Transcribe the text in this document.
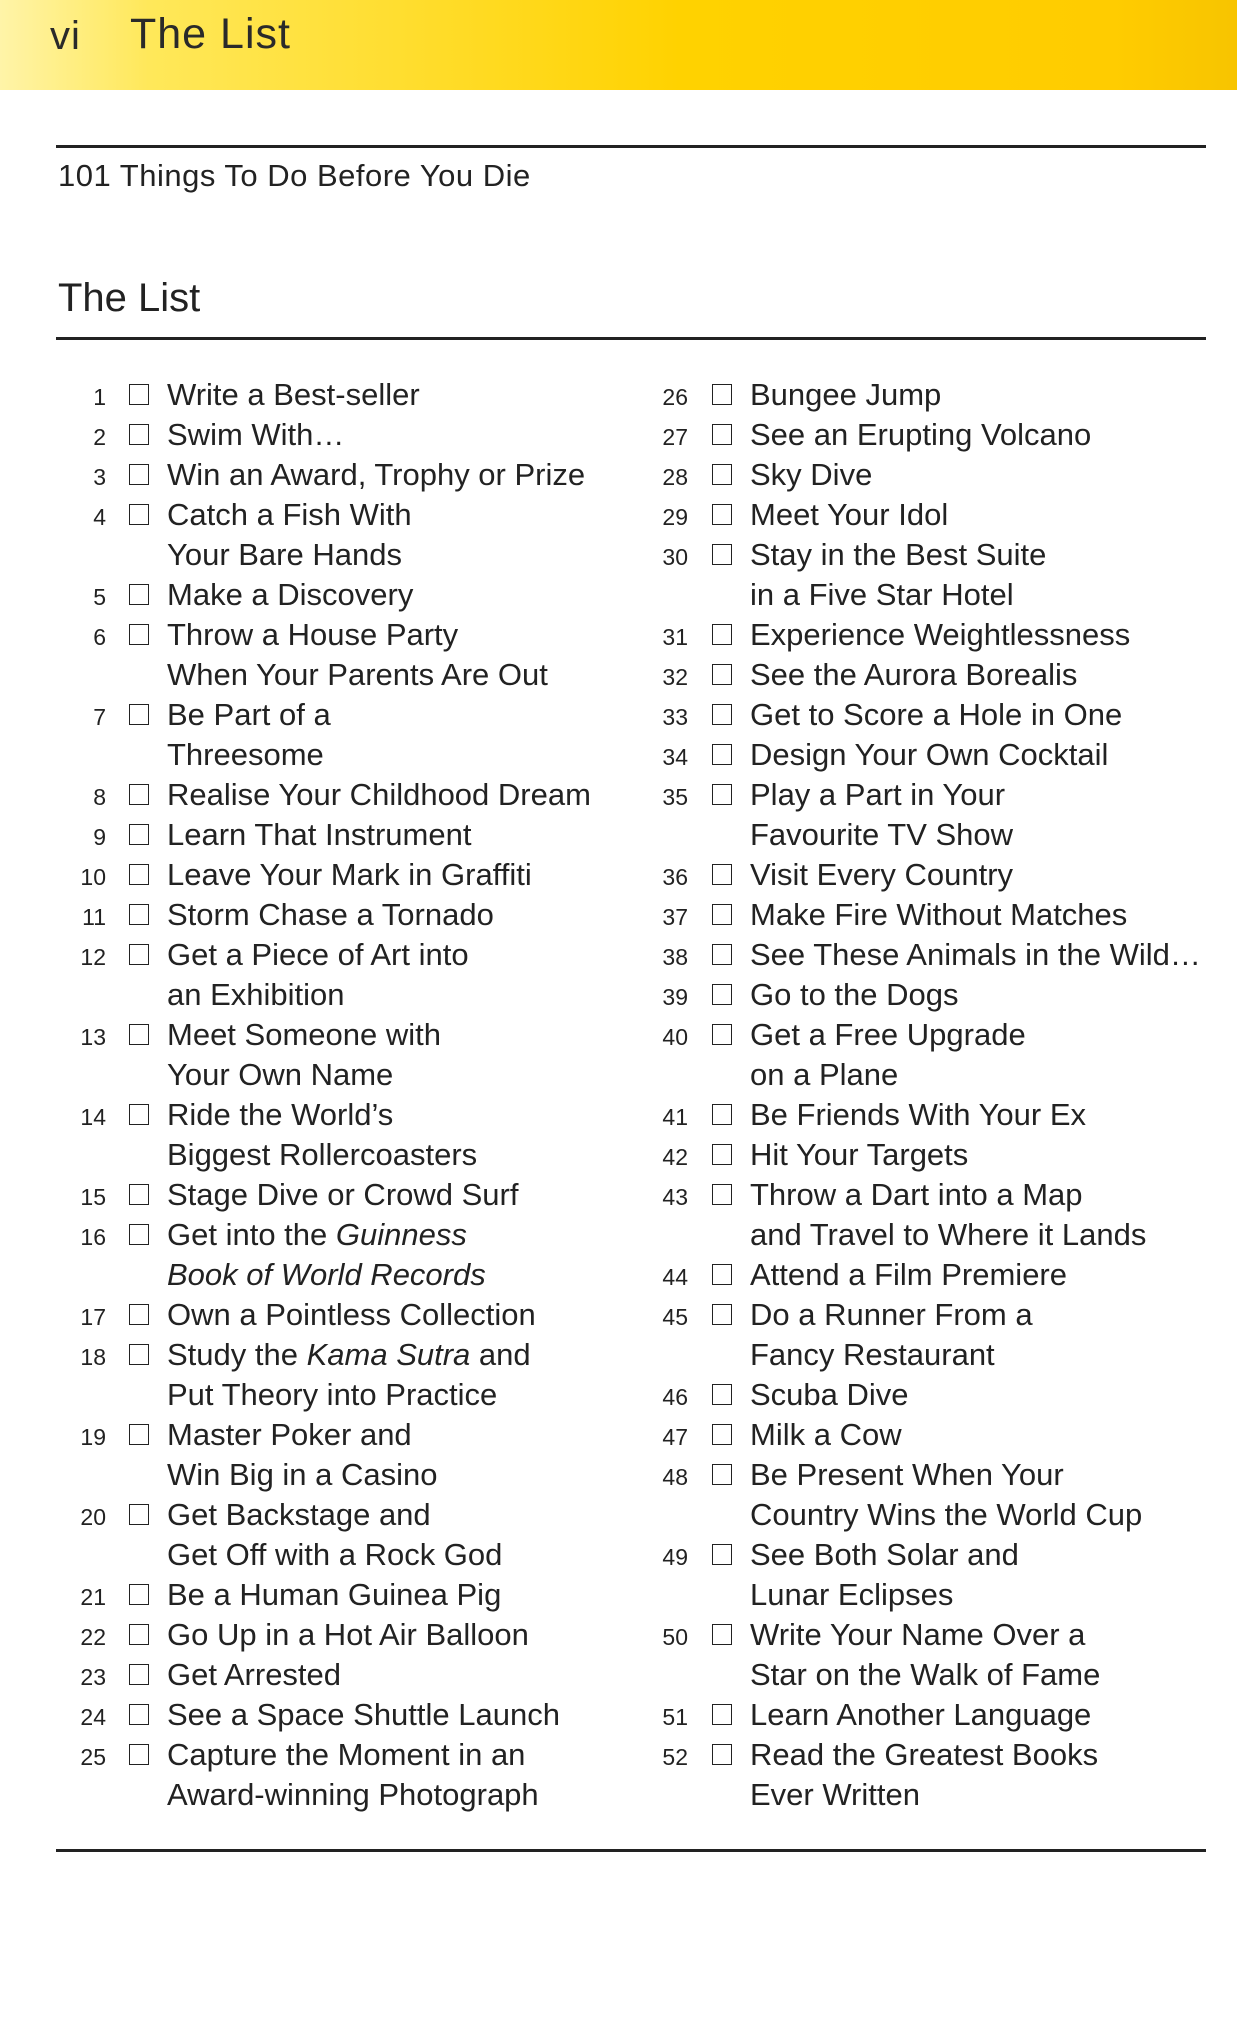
vi The List
101 Things To Do Before You Die
The List
1 Write a Best-seller
2 Swim With…
3 Win an Award, Trophy or Prize
4 Catch a Fish With
Your Bare Hands
5 Make a Discovery
6 Throw a House Party
When Your Parents Are Out
7 Be Part of a
Threesome
8 Realise Your Childhood Dream
9 Learn That Instrument
10 Leave Your Mark in Graffiti
11 Storm Chase a Tornado
12 Get a Piece of Art into
an Exhibition
13 Meet Someone with
Your Own Name
14 Ride the World’s
Biggest Rollercoasters
15 Stage Dive or Crowd Surf
16 Get into the Guinness
Book of World Records
17 Own a Pointless Collection
18 Study the Kama Sutra and
Put Theory into Practice
19 Master Poker and
Win Big in a Casino
20 Get Backstage and
Get Off with a Rock God
21 Be a Human Guinea Pig
22 Go Up in a Hot Air Balloon
23 Get Arrested
24 See a Space Shuttle Launch
25 Capture the Moment in an
Award-winning Photograph
26 Bungee Jump
27 See an Erupting Volcano
28 Sky Dive
29 Meet Your Idol
30 Stay in the Best Suite
in a Five Star Hotel
31 Experience Weightlessness
32 See the Aurora Borealis
33 Get to Score a Hole in One
34 Design Your Own Cocktail
35 Play a Part in Your
Favourite TV Show
36 Visit Every Country
37 Make Fire Without Matches
38 See These Animals in the Wild…
39 Go to the Dogs
40 Get a Free Upgrade
on a Plane
41 Be Friends With Your Ex
42 Hit Your Targets
43 Throw a Dart into a Map
and Travel to Where it Lands
44 Attend a Film Premiere
45 Do a Runner From a
Fancy Restaurant
46 Scuba Dive
47 Milk a Cow
48 Be Present When Your
Country Wins the World Cup
49 See Both Solar and
Lunar Eclipses
50 Write Your Name Over a
Star on the Walk of Fame
51 Learn Another Language
52 Read the Greatest Books
Ever Written
